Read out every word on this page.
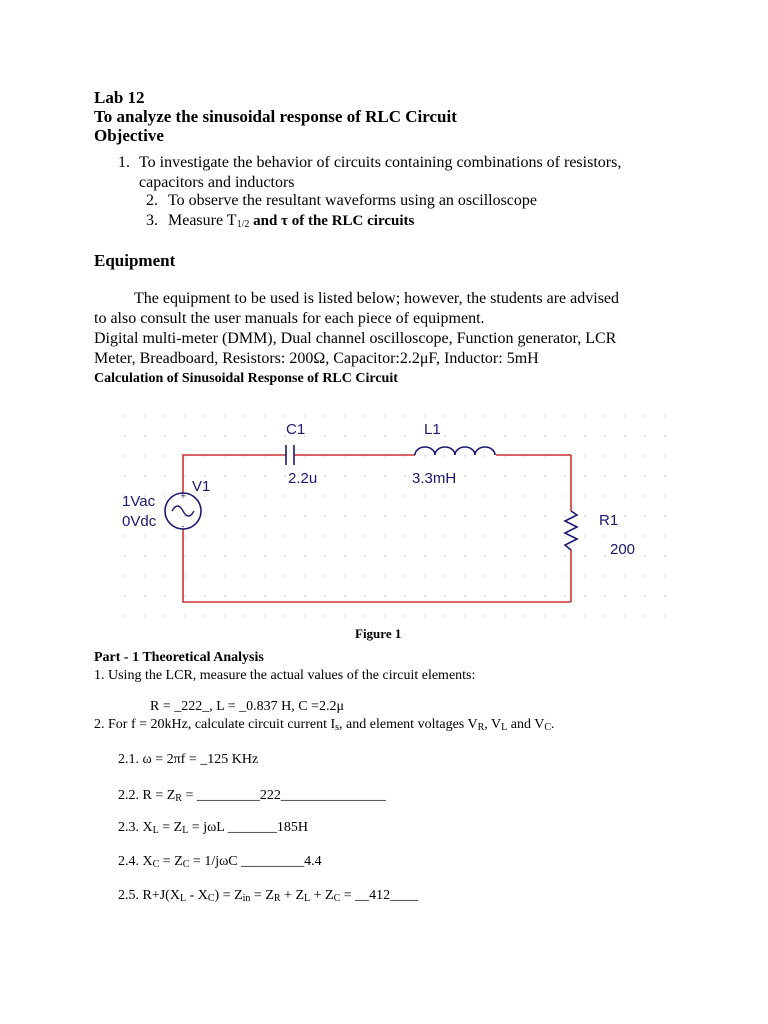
Lab 12
To analyze the sinusoidal response of RLC Circuit
Objective
1. To investigate the behavior of circuits containing combinations of resistors,
capacitors and inductors
2. To observe the resultant waveforms using an oscilloscope
3. Measure $T_{1/2}$ and τ of the RLC circuits
Equipment
The equipment to be used is listed below; however, the students are advised
to also consult the user manuals for each piece of equipment.
Digital multi-meter (DMM), Dual channel oscilloscope, Function generator, LCR
Meter, Breadboard, Resistors: 200Ω, Capacitor:2.2μF, Inductor: 5mH
Calculation of Sinusoidal Response of RLC Circuit
+
-
C1
2.2u
L1
3.3mH
V1
1Vac
0Vdc	R1
200
Figure 1
Part - 1 Theoretical Analysis
1. Using the LCR, measure the actual values of the circuit elements:
R = _222_, L = _0.837 H, C =2.2μ
2. For f = 20kHz, calculate circuit current $I_s$, and element voltages $V_R$, $V_L$ and $V_C$.
2.1. ω = 2πf = _125 KHz
2.2. $R = Z_R$ = _________222_______________
2.3. $X_L = Z_L = j\omega L$ _______185H
2.4. $X_C = Z_C = 1/j\omega C$ _________4.4
2.5. $R+J(X_L - X_C) = Z_{in} = Z_R + Z_L + Z_C$ = __412____
